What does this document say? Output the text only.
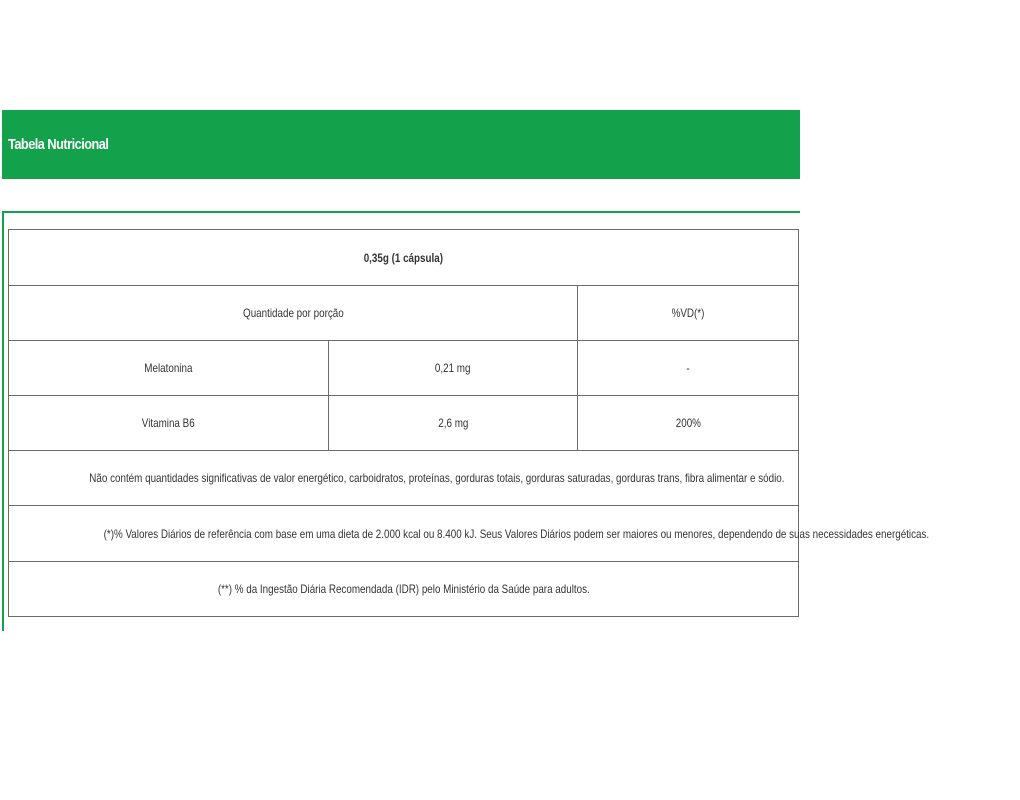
Tabela Nutricional
0,35g (1 cápsula)		
Quantidade por porção		%VD(*)
Melatonina	0,21 mg	-
Vitamina B6	2,6 mg	200%
Não contém quantidades significativas de valor energético, carboidratos, proteínas, gorduras totais, gorduras saturadas, gorduras trans, fibra alimentar e sódio.		
(*)% Valores Diários de referência com base em uma dieta de 2.000 kcal ou 8.400 kJ. Seus Valores Diários podem ser maiores ou menores, dependendo de suas necessidades energéticas.		
(**) % da Ingestão Diária Recomendada (IDR) pelo Ministério da Saúde para adultos.		
